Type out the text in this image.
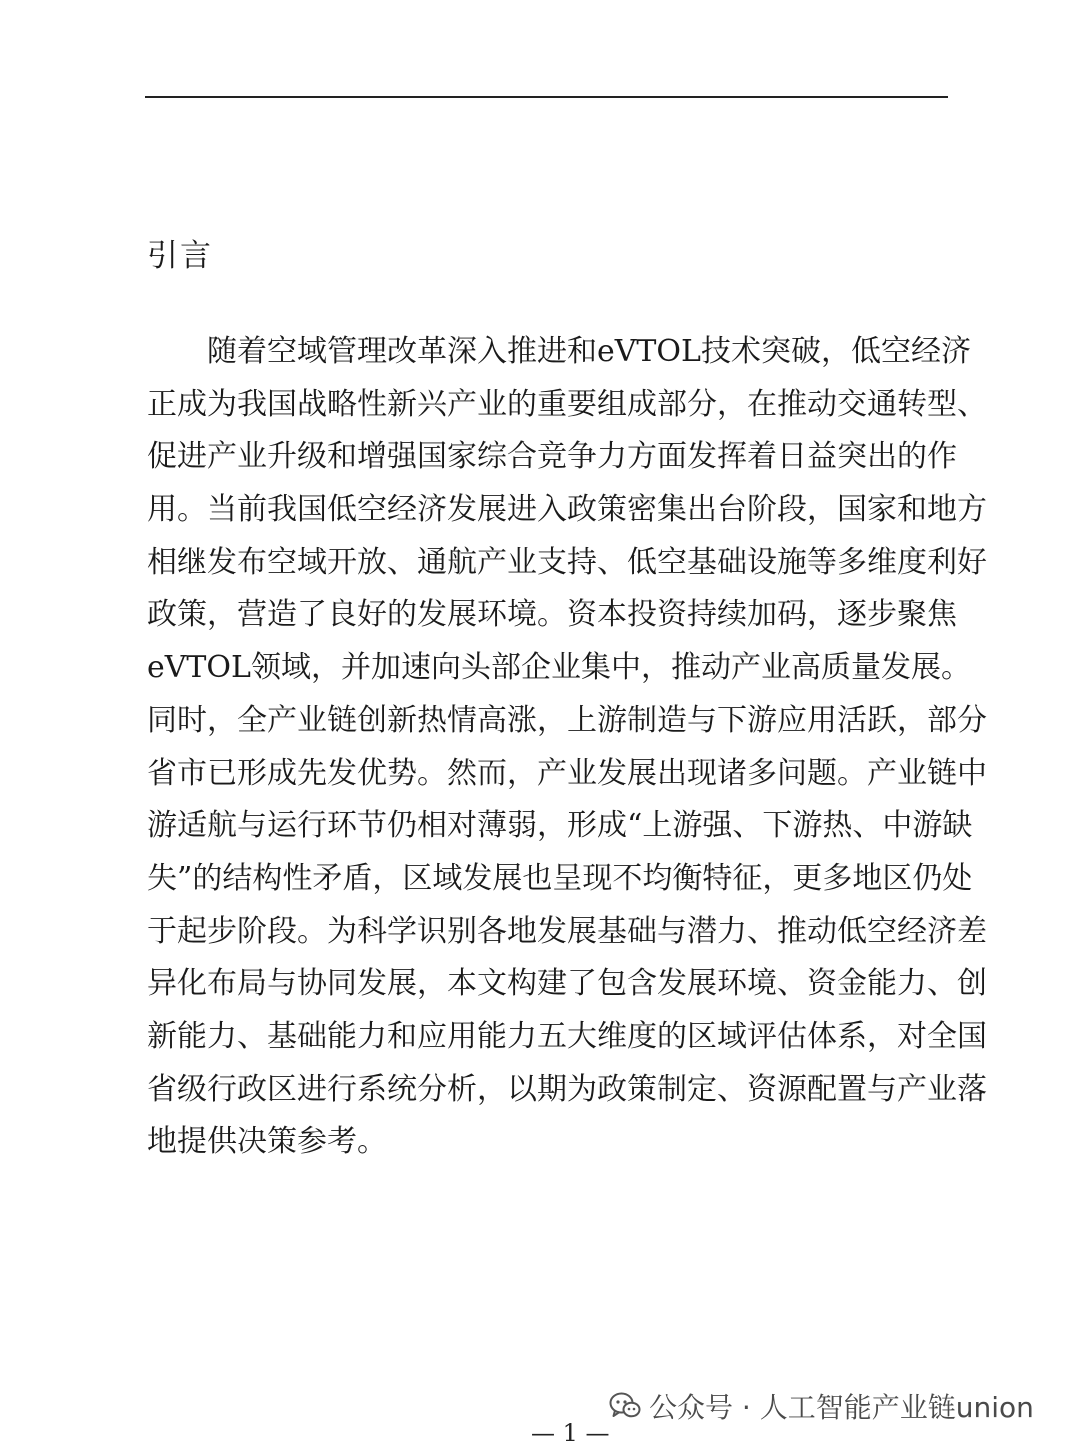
引言
随着空域管理改革深入推进和eVTOL技术突破，低空经济
正成为我国战略性新兴产业的重要组成部分，在推动交通转型、
促进产业升级和增强国家综合竞争力方面发挥着日益突出的作
用。当前我国低空经济发展进入政策密集出台阶段，国家和地方
相继发布空域开放、通航产业支持、低空基础设施等多维度利好
政策，营造了良好的发展环境。资本投资持续加码，逐步聚焦
eVTOL领域，并加速向头部企业集中，推动产业高质量发展。
同时，全产业链创新热情高涨，上游制造与下游应用活跃，部分
省市已形成先发优势。然而，产业发展出现诸多问题。产业链中
游适航与运行环节仍相对薄弱，形成“上游强、下游热、中游缺
失”的结构性矛盾，区域发展也呈现不均衡特征，更多地区仍处
于起步阶段。为科学识别各地发展基础与潜力、推动低空经济差
异化布局与协同发展，本文构建了包含发展环境、资金能力、创
新能力、基础能力和应用能力五大维度的区域评估体系，对全国
省级行政区进行系统分析，以期为政策制定、资源配置与产业落
地提供决策参考。
公众号 · 人工智能产业链union
— 1 —
